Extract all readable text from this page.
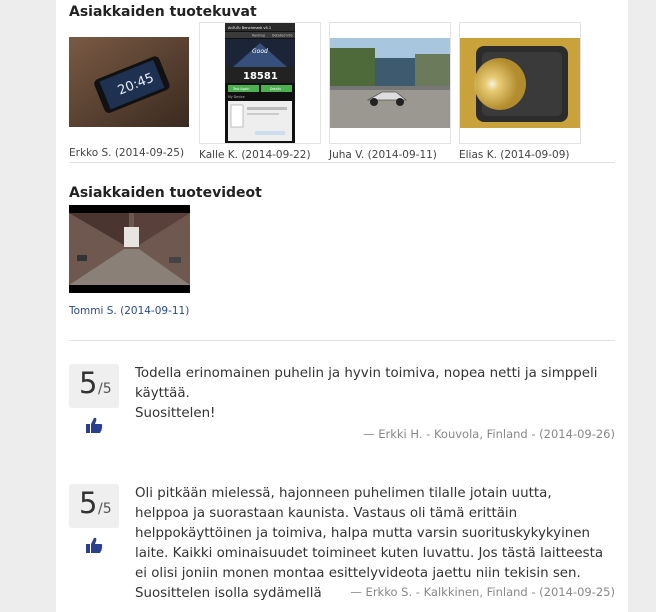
Asiakkaiden tuotekuvat
20:45
Erkko S. (2014-09-25)
AnTuTu Benchmark v5.1
Ranking Detailed Info
Good
18581
Test Again	Details
My Device
Kalle K. (2014-09-22)	Juha V. (2014-09-11)	Elias K. (2014-09-09)
Asiakkaiden tuotevideot
Tommi S. (2014-09-11)
5 /5

Todella erinomainen puhelin ja hyvin toimiva, nopea netti ja simppeli käyttää.

Suosittelen!

— Erkki H. - Kouvola, Finland - (2014-09-26)
5 /5

Oli pitkään mielessä, hajonneen puhelimen tilalle jotain uutta, helppoa ja suorastaan kaunista. Vastaus oli tämä erittäin helppokäyttöinen ja toimiva, halpa mutta varsin suorituskykykyinen laite. Kaikki ominaisuudet toimineet kuten luvattu. Jos tästä laitteesta ei olisi joniin monen montaa esittelyvideota jaettu niin tekisin sen. Suosittelen isolla sydämellä	— Erkko S. - Kalkkinen, Finland - (2014-09-25)
